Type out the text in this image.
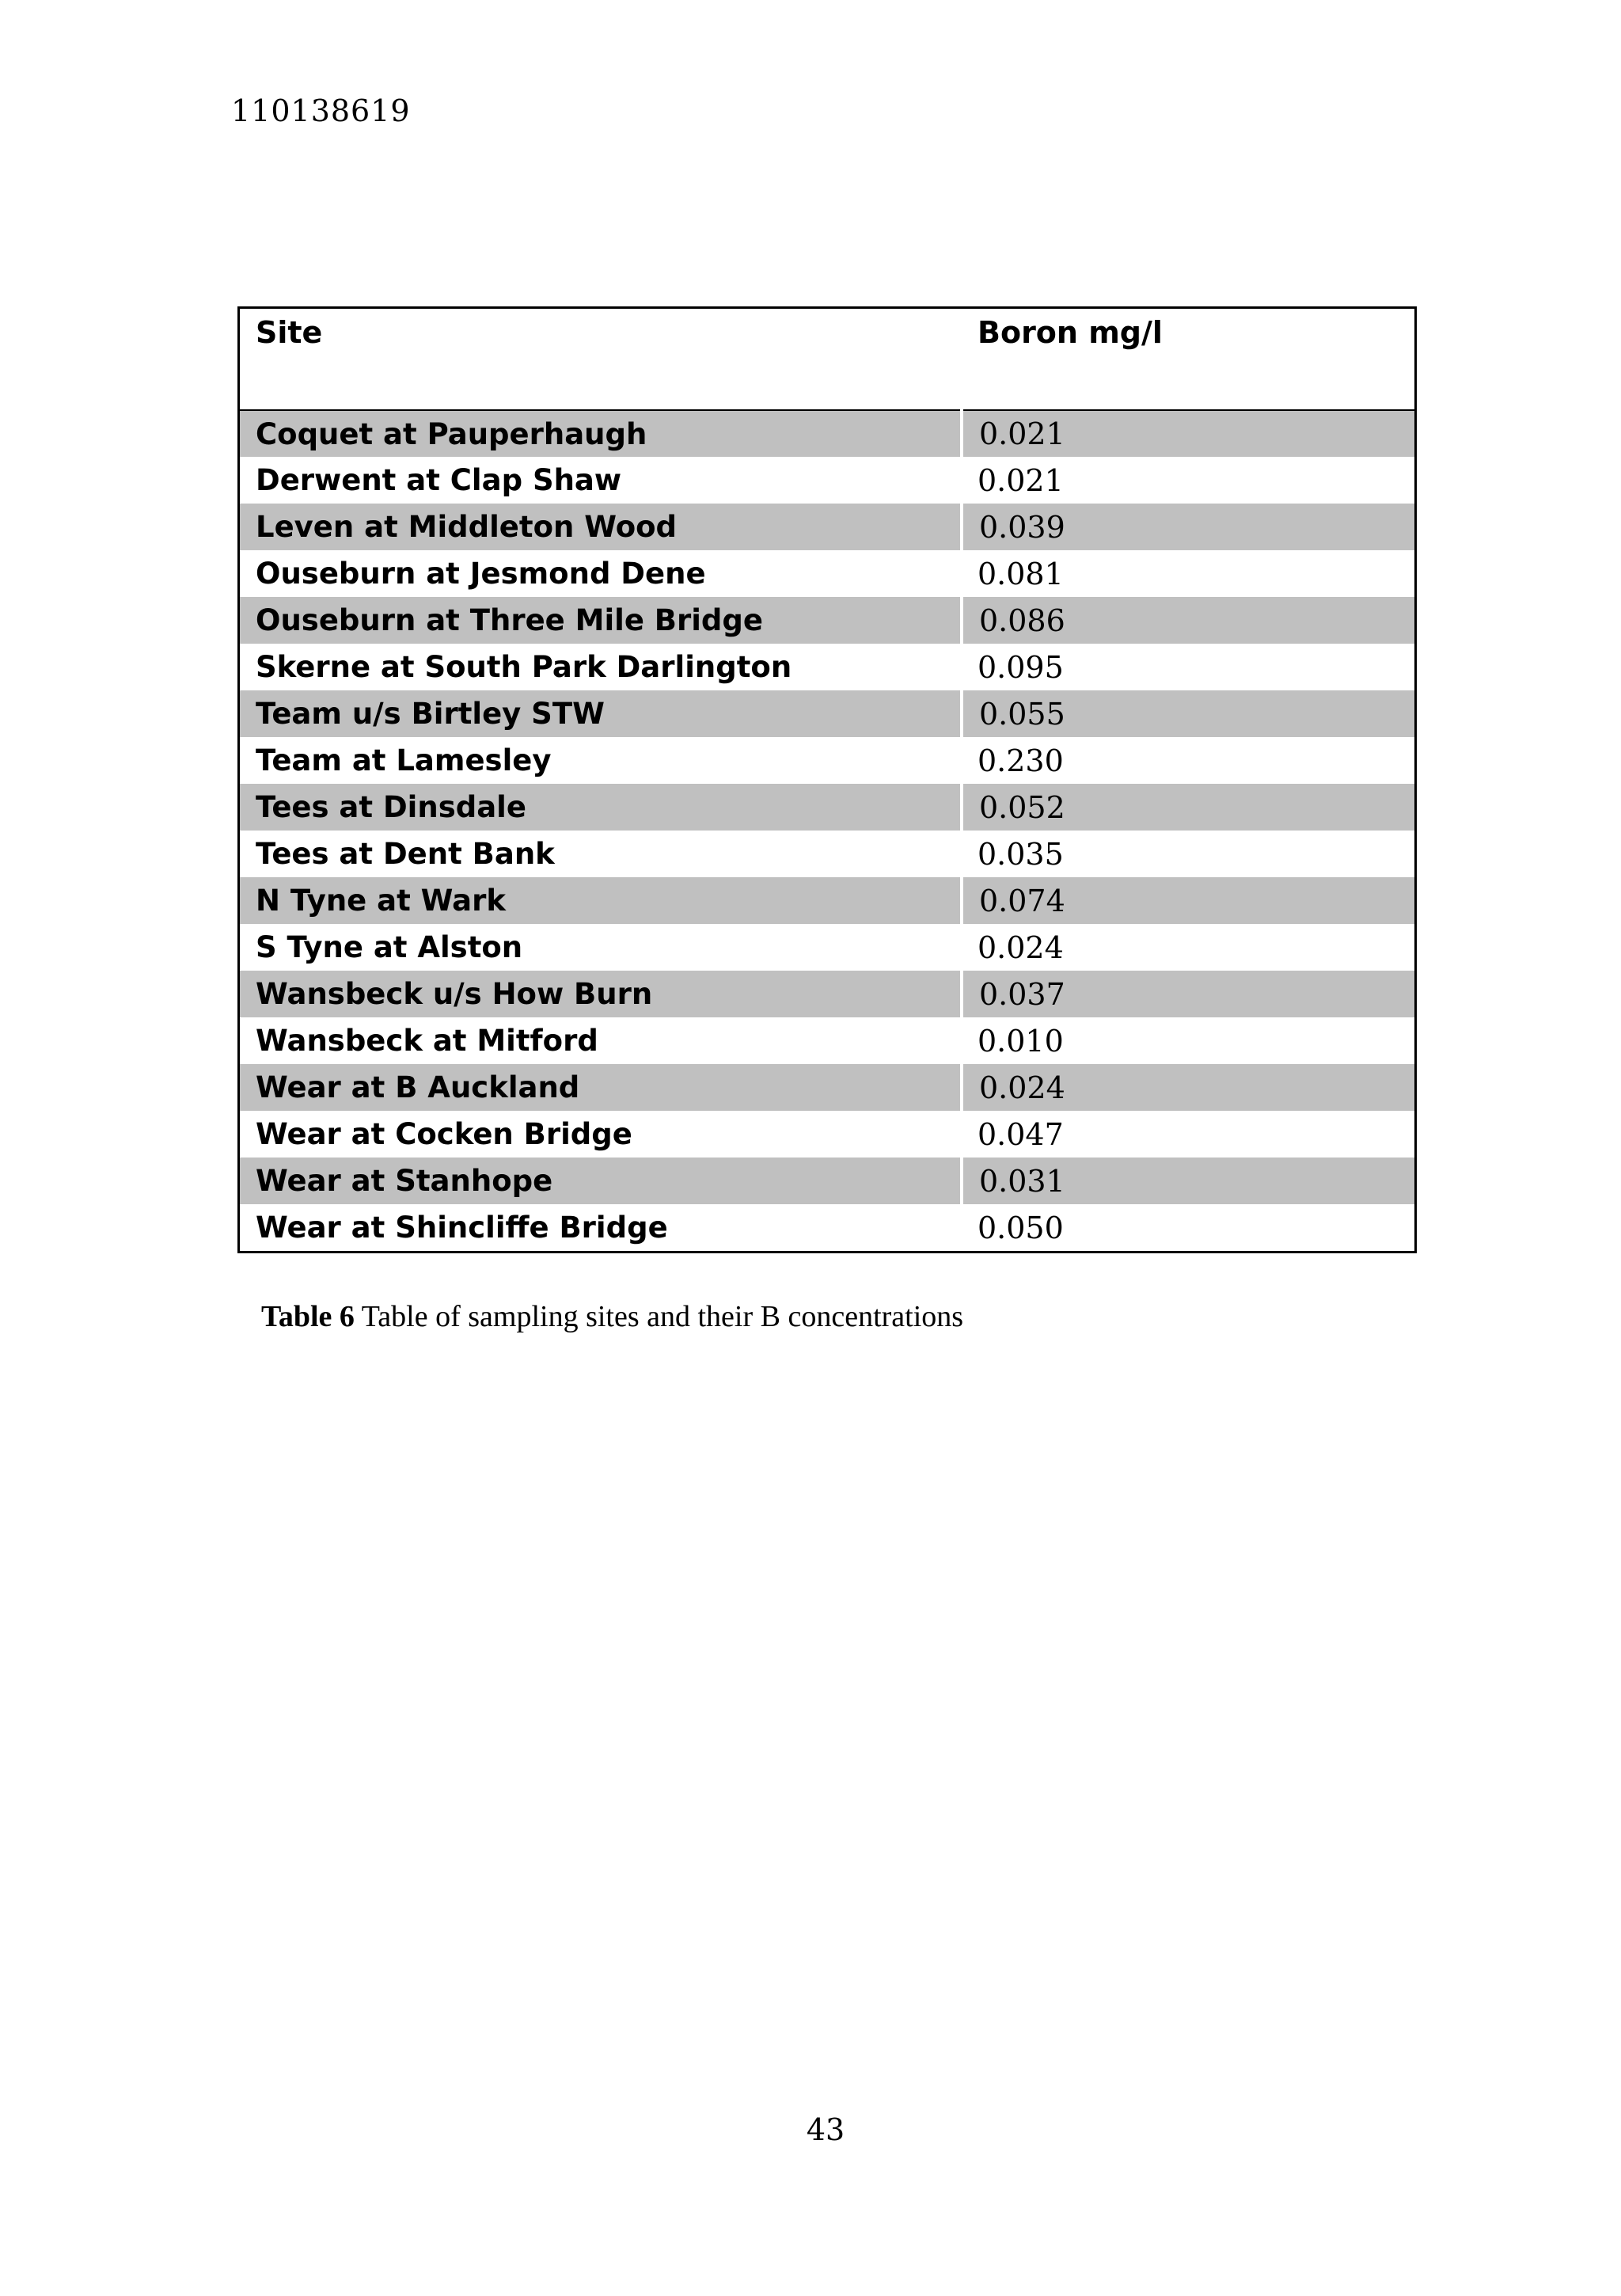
110138619
Site	Boron mg/l
Coquet at Pauperhaugh	0.021
Derwent at Clap Shaw	0.021
Leven at Middleton Wood	0.039
Ouseburn at Jesmond Dene	0.081
Ouseburn at Three Mile Bridge	0.086
Skerne at South Park Darlington	0.095
Team u/s Birtley STW	0.055
Team at Lamesley	0.230
Tees at Dinsdale	0.052
Tees at Dent Bank	0.035
N Tyne at Wark	0.074
S Tyne at Alston	0.024
Wansbeck u/s How Burn	0.037
Wansbeck at Mitford	0.010
Wear at B Auckland	0.024
Wear at Cocken Bridge	0.047
Wear at Stanhope	0.031
Wear at Shincliffe Bridge	0.050
Table 6 Table of sampling sites and their B concentrations
43
